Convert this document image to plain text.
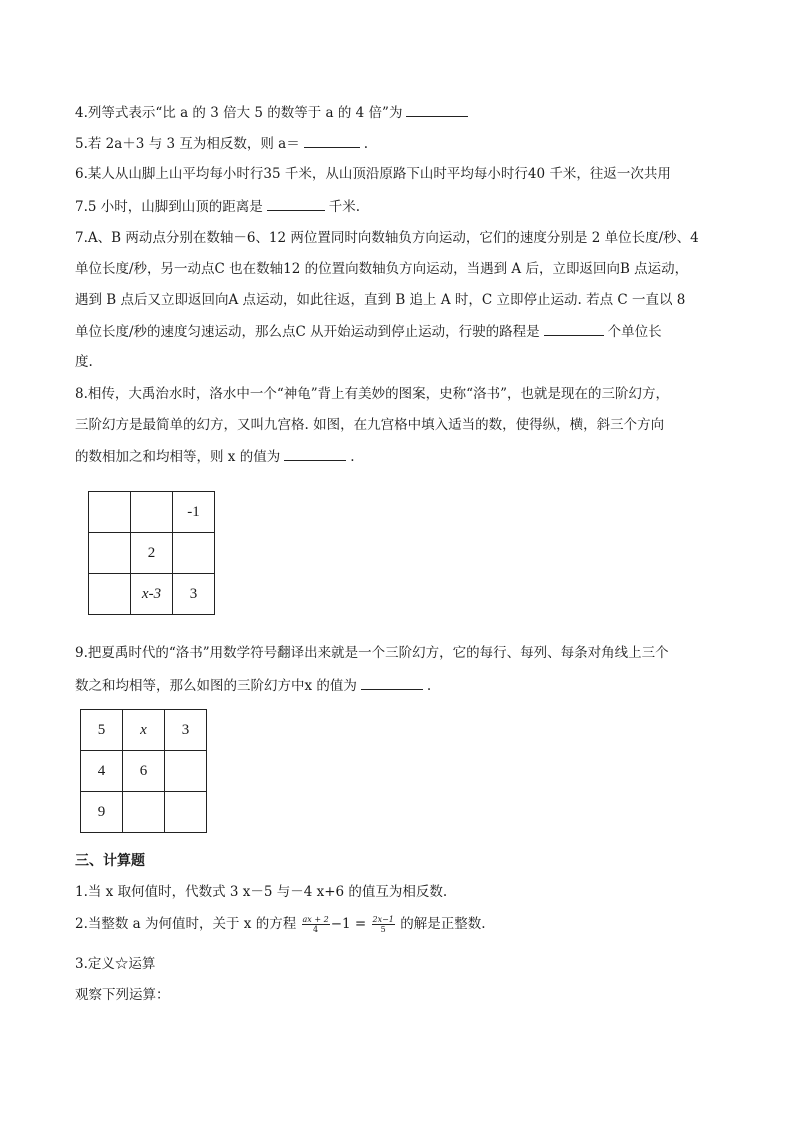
4.列等式表示“比 a 的 3 倍大 5 的数等于 a 的 4 倍”为
5.若 2a＋3 与 3 互为相反数，则 a＝	.
6.某人从山脚上山平均每小时行35 千米，从山顶沿原路下山时平均每小时行40 千米，往返一次共用
7.5 小时，山脚到山顶的距离是	千米.
7.A、B 两动点分别在数轴－6、12 两位置同时向数轴负方向运动，它们的速度分别是 2 单位长度/秒、4
单位长度/秒，另一动点C 也在数轴12 的位置向数轴负方向运动，当遇到 A 后，立即返回向B 点运动，
遇到 B 点后又立即返回向A 点运动，如此往返，直到 B 追上 A 时，C 立即停止运动. 若点 C 一直以 8
单位长度/秒的速度匀速运动，那么点C 从开始运动到停止运动，行驶的路程是	个单位长
度.
8.相传，大禹治水时，洛水中一个“神龟”背上有美妙的图案，史称“洛书”，也就是现在的三阶幻方，
三阶幻方是最简单的幻方，又叫九宫格. 如图，在九宫格中填入适当的数，使得纵，横，斜三个方向
的数相加之和均相等，则 x 的值为	.
		-1
	2	
	x-3	3
9.把夏禹时代的“洛书”用数学符号翻译出来就是一个三阶幻方，它的每行、每列、每条对角线上三个
数之和均相等，那么如图的三阶幻方中x 的值为	.
5	x	3
4	6	
9		
三、计算题
1.当 x 取何值时，代数式 3 x－5 与－4 x+6 的值互为相反数.
2.当整数 a 为何值时，关于 x 的方程 $\frac{ax + 2}{4} -1 = \frac{2x-1}{5}$ 的解是正整数.
3.定义☆运算
观察下列运算：
